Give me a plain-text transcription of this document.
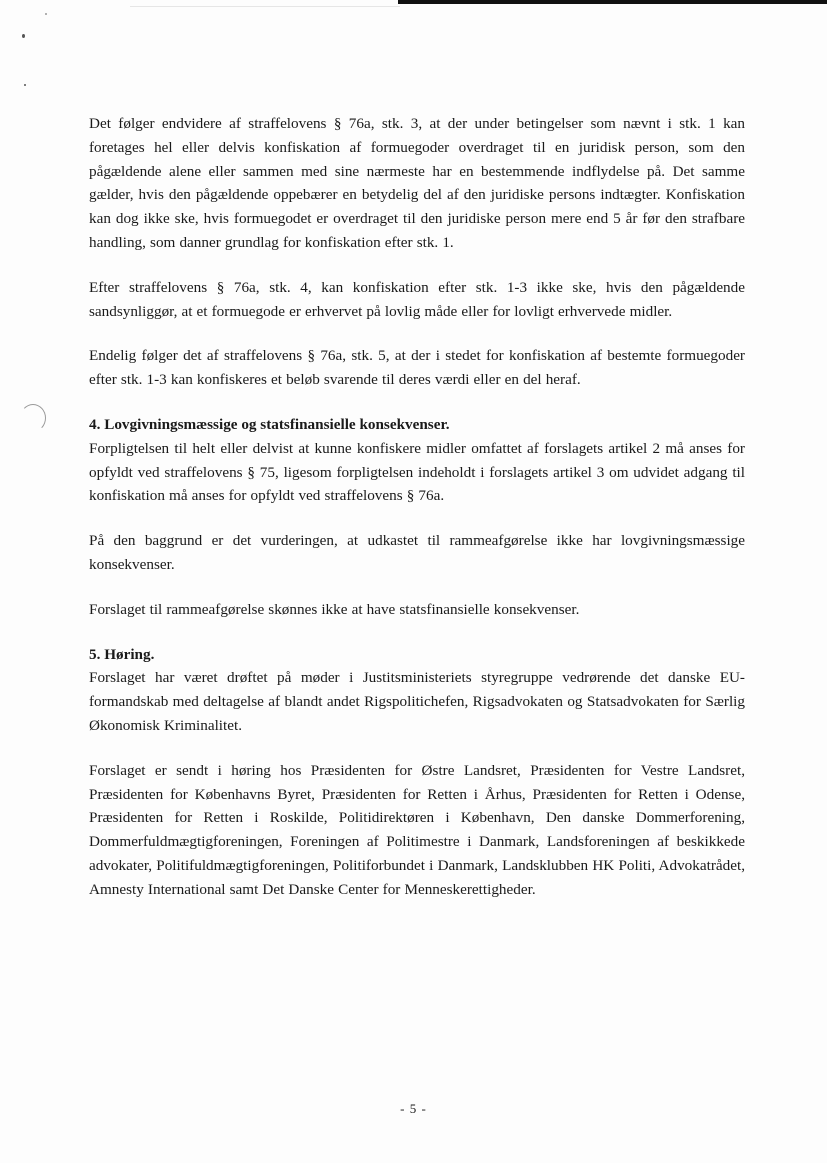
Det følger endvidere af straffelovens § 76a, stk. 3, at der under betingelser som nævnt i stk. 1 kan foretages hel eller delvis konfiskation af formuegoder overdraget til en juridisk person, som den pågældende alene eller sammen med sine nærmeste har en bestemmende indflydelse på. Det samme gælder, hvis den pågældende oppebærer en betydelig del af den juridiske persons indtægter. Konfiskation kan dog ikke ske, hvis formuegodet er overdraget til den juridiske person mere end 5 år før den strafbare handling, som danner grundlag for konfiskation efter stk. 1.

Efter straffelovens § 76a, stk. 4, kan konfiskation efter stk. 1-3 ikke ske, hvis den pågældende sandsynliggør, at et formuegode er erhvervet på lovlig måde eller for lovligt erhvervede midler.

Endelig følger det af straffelovens § 76a, stk. 5, at der i stedet for konfiskation af bestemte formuegoder efter stk. 1-3 kan konfiskeres et beløb svarende til deres værdi eller en del heraf.

4. Lovgivningsmæssige og statsfinansielle konsekvenser.

Forpligtelsen til helt eller delvist at kunne konfiskere midler omfattet af forslagets artikel 2 må anses for opfyldt ved straffelovens § 75, ligesom forpligtelsen indeholdt i forslagets artikel 3 om udvidet adgang til konfiskation må anses for opfyldt ved straffelovens § 76a.

På den baggrund er det vurderingen, at udkastet til rammeafgørelse ikke har lovgivningsmæssige konsekvenser.

Forslaget til rammeafgørelse skønnes ikke at have statsfinansielle konsekvenser.

5. Høring.

Forslaget har været drøftet på møder i Justitsministeriets styregruppe vedrørende det danske EU-formandskab med deltagelse af blandt andet Rigspolitichefen, Rigsadvokaten og Statsadvokaten for Særlig Økonomisk Kriminalitet.

Forslaget er sendt i høring hos Præsidenten for Østre Landsret, Præsidenten for Vestre Landsret, Præsidenten for Københavns Byret, Præsidenten for Retten i Århus, Præsidenten for Retten i Odense, Præsidenten for Retten i Roskilde, Politidirektøren i København, Den danske Dommerforening, Dommerfuldmægtigforeningen, Foreningen af Politimestre i Danmark, Landsforeningen af beskikkede advokater, Politifuldmægtigforeningen, Politiforbundet i Danmark, Landsklubben HK Politi, Advokatrådet, Amnesty International samt Det Danske Center for Menneskerettigheder.

- 5 -
